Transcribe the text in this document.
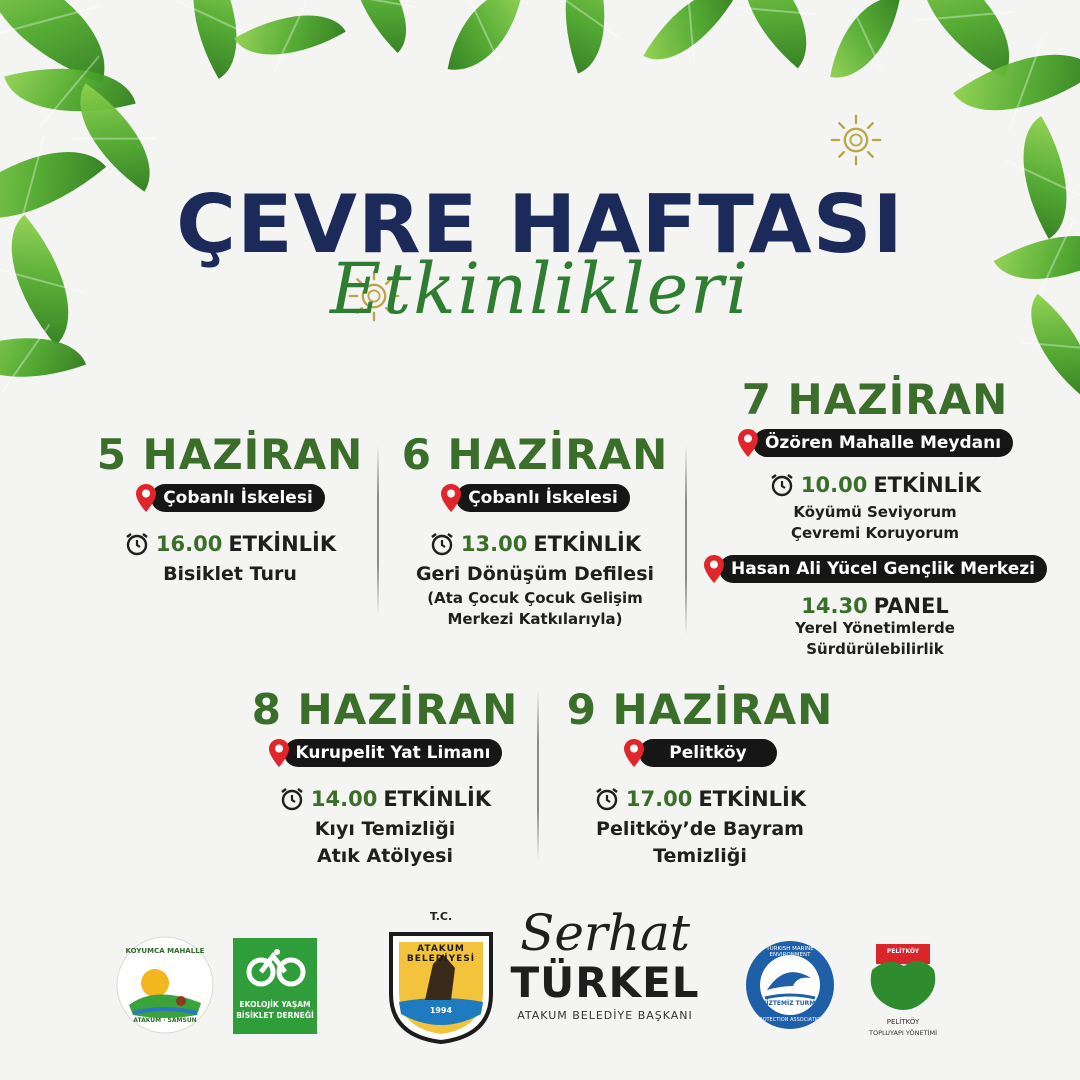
ÇEVRE HAFTASI
Etkinlikleri
5 HAZİRAN
Çobanlı İskelesi
16.00 ETKİNLİK
Bisiklet Turu
6 HAZİRAN
Çobanlı İskelesi
13.00 ETKİNLİK
Geri Dönüşüm Defilesi
(Ata Çocuk Çocuk Gelişim
Merkezi Katkılarıyla)
7 HAZİRAN
Özören Mahalle Meydanı
10.00 ETKİNLİK
Köyümü Seviyorum
Çevremi Koruyorum
Hasan Ali Yücel Gençlik Merkezi
14.30 PANEL
Yerel Yönetimlerde
Sürdürülebilirlik
8 HAZİRAN
Kurupelit Yat Limanı
14.00 ETKİNLİK
Kıyı Temizliği
Atık Atölyesi
9 HAZİRAN
Pelitköy
17.00 ETKİNLİK
Pelitköy’de Bayram
Temizliği
KOYUMCA MAHALLE
ATAKUM · SAMSUN
EKOLOJİK YAŞAM
BİSİKLET DERNEĞİ
T.C.
ATAKUM BELEDİYESİ
1994
Serhat
TÜRKEL
ATAKUM BELEDİYE BAŞKANI
TURKISH MARINE ENVIRONMENT
DENİZTEMİZ TURMEPA
PROTECTION ASSOCIATION
PELİTKÖY
PELİTKÖY
TOPLUYAPI YÖNETİMİ
